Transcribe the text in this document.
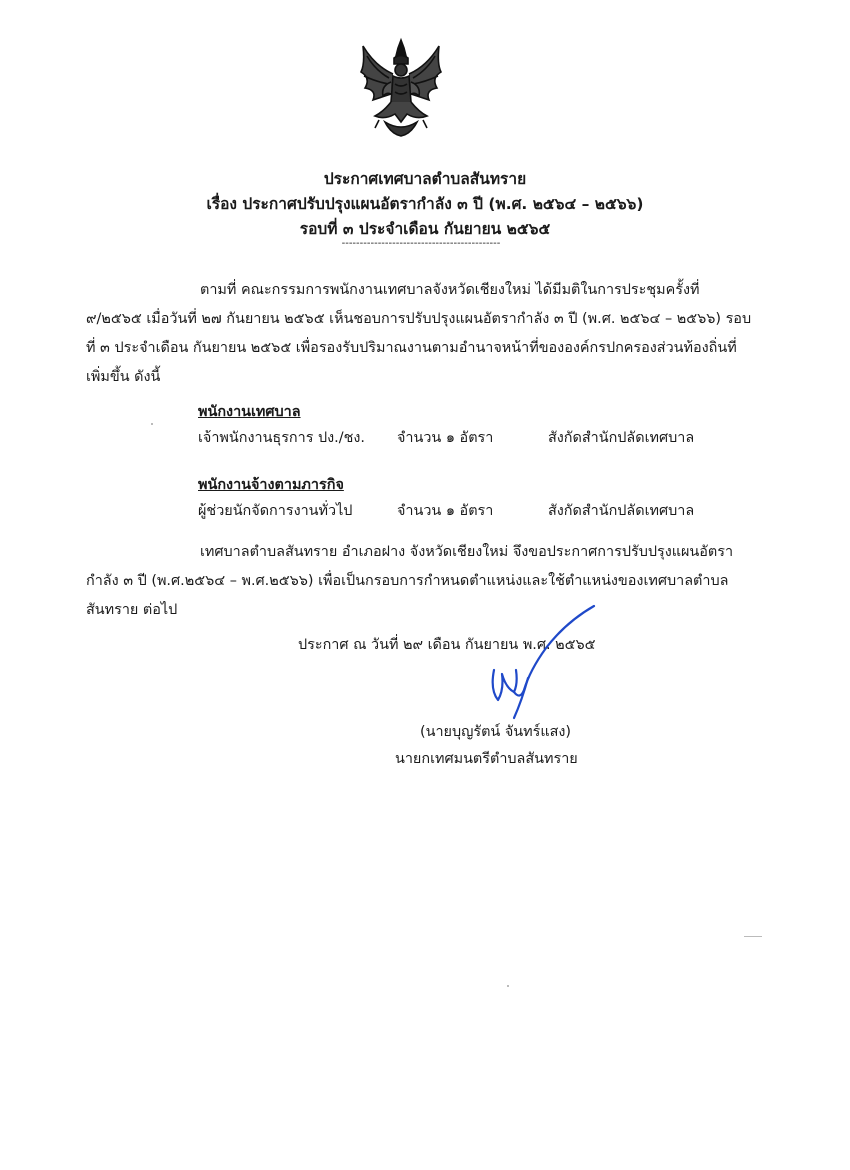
ประกาศเทศบาลตำบลสันทราย
เรื่อง ประกาศปรับปรุงแผนอัตรากำลัง ๓ ปี (พ.ศ. ๒๕๖๔ – ๒๕๖๖)
รอบที่ ๓ ประจำเดือน กันยายน ๒๕๖๕
--------------------------------------------
ตามที่ คณะกรรมการพนักงานเทศบาลจังหวัดเชียงใหม่ ได้มีมติในการประชุมครั้งที่ ๙/๒๕๖๕ เมื่อวันที่ ๒๗ กันยายน ๒๕๖๕ เห็นชอบการปรับปรุงแผนอัตรากำลัง ๓ ปี (พ.ศ. ๒๕๖๔ – ๒๕๖๖) รอบที่ ๓ ประจำเดือน กันยายน ๒๕๖๕ เพื่อรองรับปริมาณงานตามอำนาจหน้าที่ขององค์กรปกครองส่วนท้องถิ่นที่เพิ่มขึ้น ดังนี้
พนักงานเทศบาล
เจ้าพนักงานธุรการ ปง./ชง. จำนวน ๑ อัตรา	สังกัดสำนักปลัดเทศบาล
พนักงานจ้างตามภารกิจ
ผู้ช่วยนักจัดการงานทั่วไป	จำนวน ๑ อัตรา	สังกัดสำนักปลัดเทศบาล
เทศบาลตำบลสันทราย อำเภอฝาง จังหวัดเชียงใหม่ จึงขอประกาศการปรับปรุงแผนอัตรากำลัง ๓ ปี (พ.ศ.๒๕๖๔ – พ.ศ.๒๕๖๖) เพื่อเป็นกรอบการกำหนดตำแหน่งและใช้ตำแหน่งของเทศบาลตำบลสันทราย ต่อไป
ประกาศ ณ วันที่ ๒๙ เดือน กันยายน พ.ศ. ๒๕๖๕
(นายบุญรัตน์ จันทร์แสง)
นายกเทศมนตรีตำบลสันทราย
